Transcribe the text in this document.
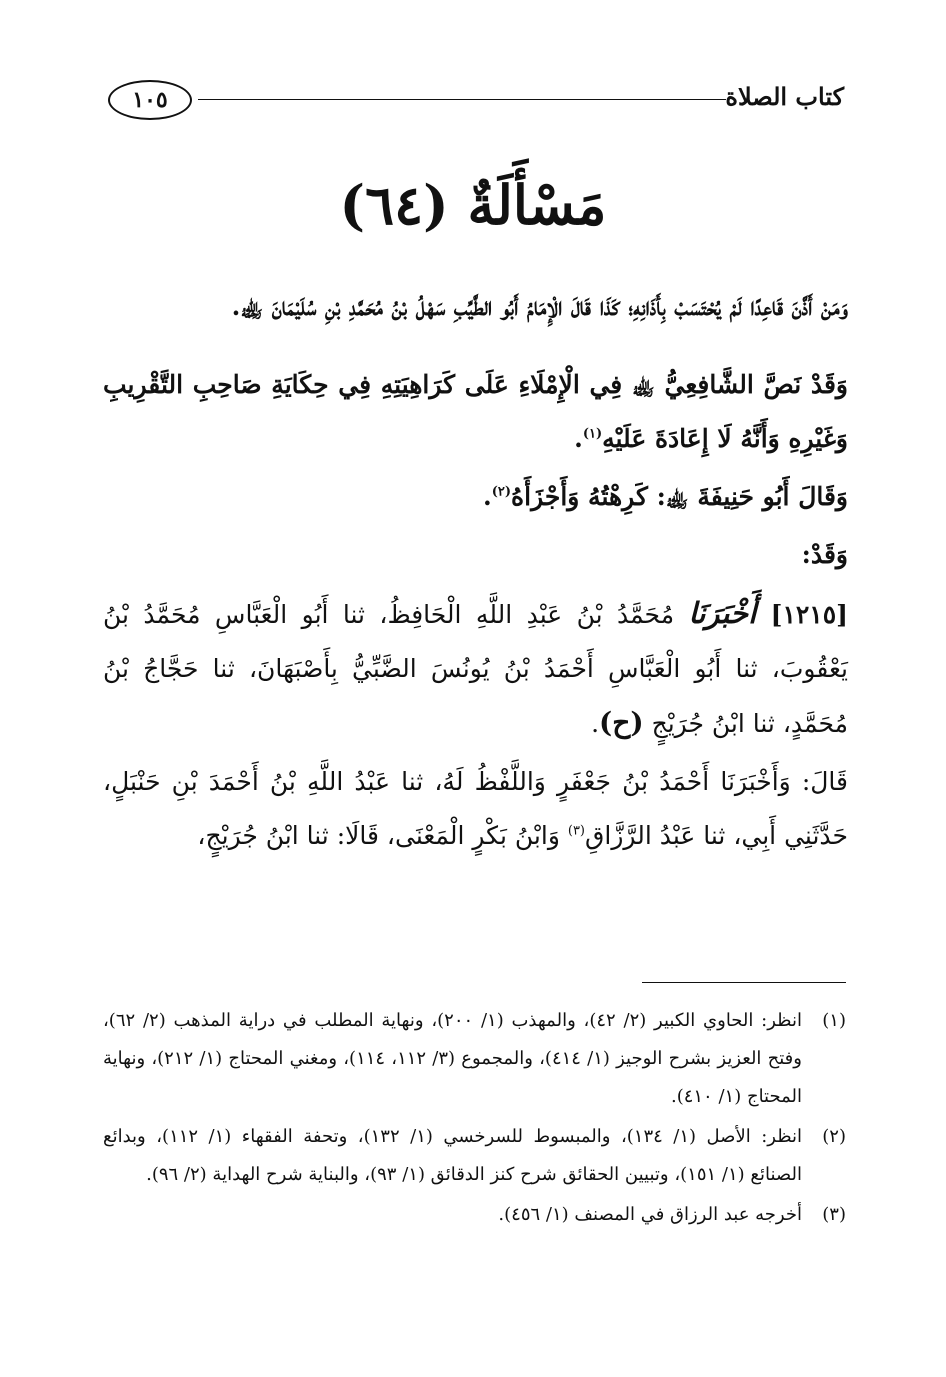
١٠٥	كتاب الصلاة
مَسْأَلَةٌ (٦٤)

وَمَنْ أَذَّنَ قَاعِدًا لَمْ يُحْتَسَبْ بِأَذَانِهِ؛ كَذَا قَالَ الْإِمَامُ أَبُو الطَّيِّبِ سَهْلُ بْنُ مُحَمَّدِ بْنِ سُلَيْمَانَ ﵀.

وَقَدْ نَصَّ الشَّافِعِيُّ ﵀ فِي الْإِمْلَاءِ عَلَى كَرَاهِيَتِهِ فِي حِكَايَةِ صَاحِبِ التَّقْرِيبِ وَغَيْرِهِ وَأَنَّهُ لَا إِعَادَةَ عَلَيْهِ$^{(١)}$.

وَقَالَ أَبُو حَنِيفَةَ ﵀: كَرِهْتُهُ وَأَجْزَأَهُ$^{(٢)}$.

وَقَدْ:

[١٢١٥] أَخْبَرَنَا مُحَمَّدُ بْنُ عَبْدِ اللَّهِ الْحَافِظُ، ثنا أَبُو الْعَبَّاسِ مُحَمَّدُ بْنُ يَعْقُوبَ، ثنا أَبُو الْعَبَّاسِ أَحْمَدُ بْنُ يُونُسَ الضَّبِّيُّ بِأَصْبَهَانَ، ثنا حَجَّاجُ بْنُ مُحَمَّدٍ، ثنا ابْنُ جُرَيْجٍ (ح).

قَالَ: وَأَخْبَرَنَا أَحْمَدُ بْنُ جَعْفَرٍ وَاللَّفْظُ لَهُ، ثنا عَبْدُ اللَّهِ بْنُ أَحْمَدَ بْنِ حَنْبَلٍ، حَدَّثَنِي أَبِي، ثنا عَبْدُ الرَّزَّاقِ$^{(٣)}$ وَابْنُ بَكْرٍ الْمَعْنَى، قَالَا: ثنا ابْنُ جُرَيْجٍ،

(١)
انظر: الحاوي الكبير (٢/ ٤٢)، والمهذب (١/ ٢٠٠)، ونهاية المطلب في دراية المذهب (٢/ ٦٢)، وفتح العزيز بشرح الوجيز (١/ ٤١٤)، والمجموع (٣/ ١١٢، ١١٤)، ومغني المحتاج (١/ ٢١٢)، ونهاية المحتاج (١/ ٤١٠).
(٢)
انظر: الأصل (١/ ١٣٤)، والمبسوط للسرخسي (١/ ١٣٢)، وتحفة الفقهاء (١/ ١١٢)، وبدائع الصنائع (١/ ١٥١)، وتبيين الحقائق شرح كنز الدقائق (١/ ٩٣)، والبناية شرح الهداية (٢/ ٩٦).
(٣)
أخرجه عبد الرزاق في المصنف (١/ ٤٥٦).
